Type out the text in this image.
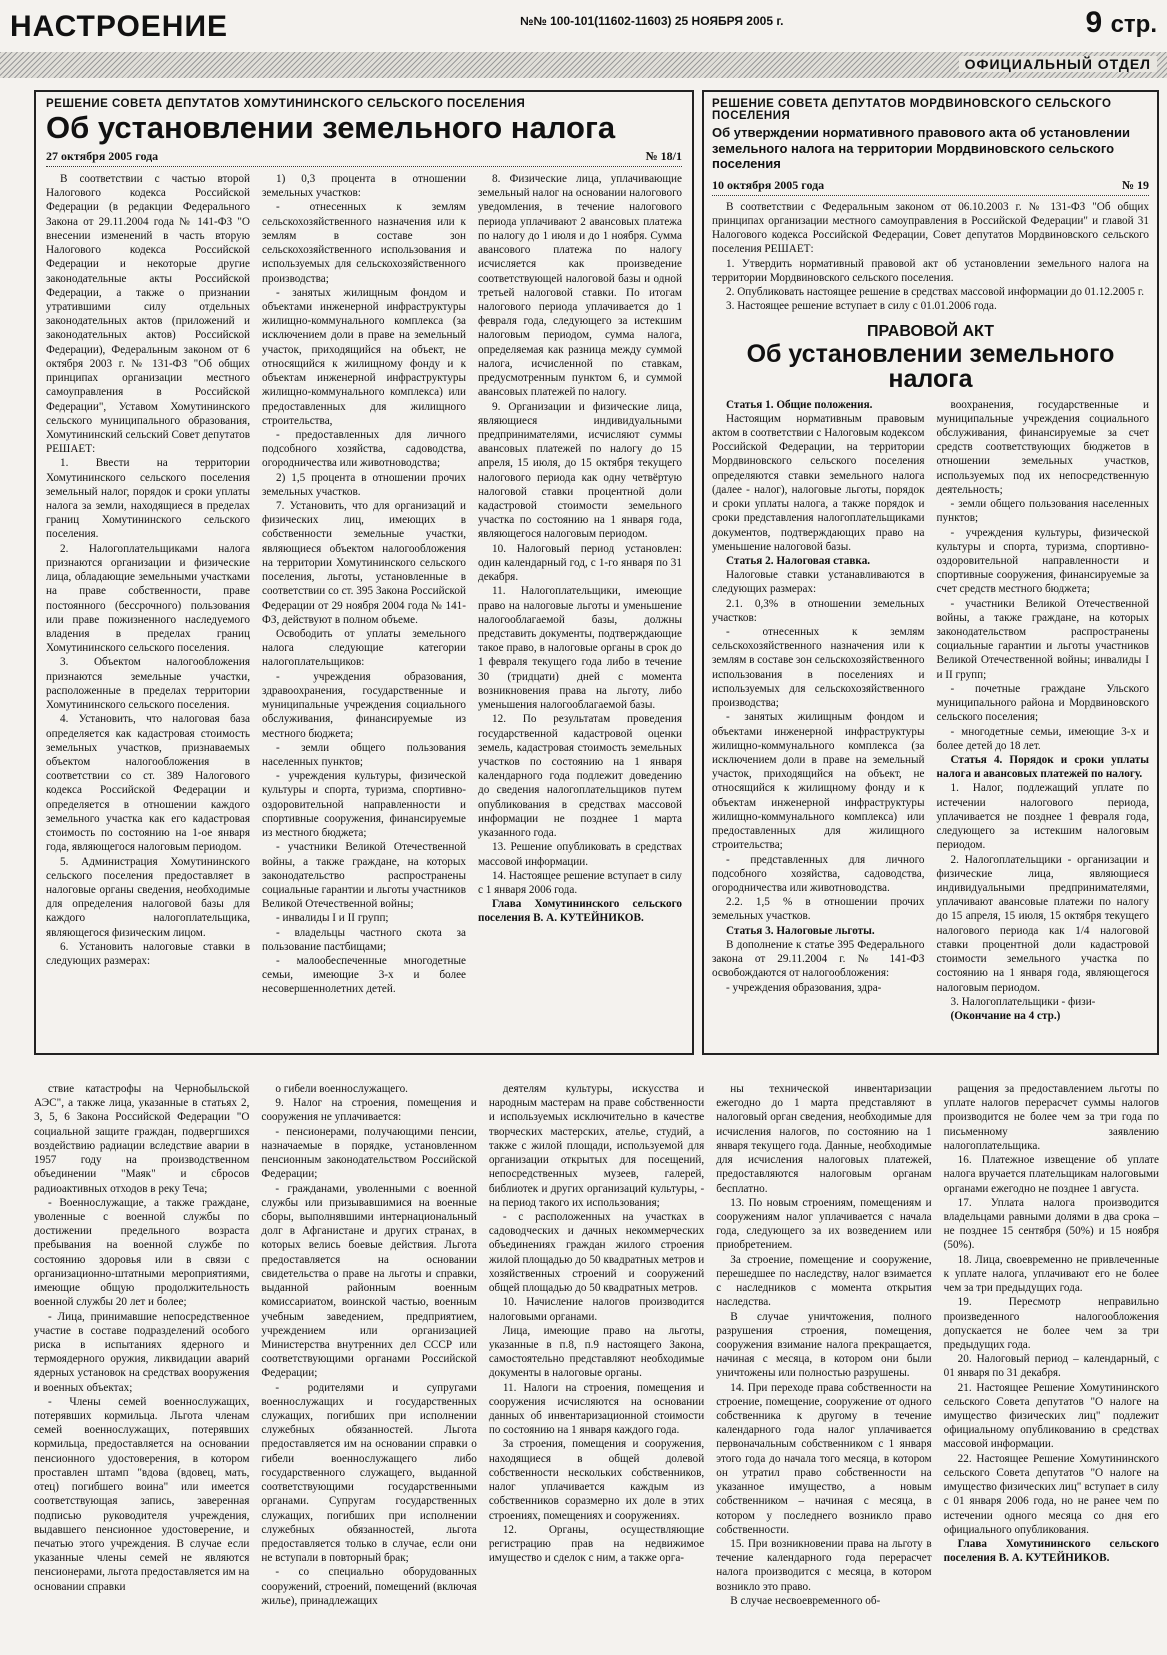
НАСТРОЕНИЕ	№№ 100-101(11602-11603) 25 НОЯБРЯ 2005 г.	9 стр.
ОФИЦИАЛЬНЫЙ ОТДЕЛ
РЕШЕНИЕ СОВЕТА ДЕПУТАТОВ ХОМУТИНИНСКОГО СЕЛЬСКОГО ПОСЕЛЕНИЯ
Об установлении земельного налога
27 октября 2005 года	№ 18/1

В соответствии с частью второй Налогового кодекса Российской Федерации (в редакции Федерального Закона от 29.11.2004 года № 141-ФЗ "О внесении изменений в часть вторую Налогового кодекса Российской Федерации и некоторые другие законодательные акты Российской Федерации, а также о признании утратившими силу отдельных законодательных актов (приложений и законодательных актов) Российской Федерации), Федеральным законом от 6 октября 2003 г. № 131-ФЗ "Об общих принципах организации местного самоуправления в Российской Федерации", Уставом Хомутининского сельского муниципального образования, Хомутининский сельский Совет депутатов РЕШАЕТ:

1. Ввести на территории Хомутининского сельского поселения земельный налог, порядок и сроки уплаты налога за земли, находящиеся в пределах границ Хомутининского сельского поселения.

2. Налогоплательщиками налога признаются организации и физические лица, обладающие земельными участками на праве собственности, праве постоянного (бессрочного) пользования или праве пожизненного наследуемого владения в пределах границ Хомутининского сельского поселения.

3. Объектом налогообложения признаются земельные участки, расположенные в пределах территории Хомутининского сельского поселения.

4. Установить, что налоговая база определяется как кадастровая стоимость земельных участков, признаваемых объектом налогообложения в соответствии со ст. 389 Налогового кодекса Российской Федерации и определяется в отношении каждого земельного участка как его кадастровая стоимость по состоянию на 1-ое января года, являющегося налоговым периодом.

5. Администрация Хомутининского сельского поселения предоставляет в налоговые органы сведения, необходимые для определения налоговой базы для каждого налогоплательщика, являющегося физическим лицом.

6. Установить налоговые ставки в следующих размерах:

1) 0,3 процента в отношении земельных участков:

- отнесенных к землям сельскохозяйственного назначения или к землям в составе зон сельскохозяйственного использования и используемых для сельскохозяйственного производства;

- занятых жилищным фондом и объектами инженерной инфраструктуры жилищно-коммунального комплекса (за исключением доли в праве на земельный участок, приходящийся на объект, не относящийся к жилищному фонду и к объектам инженерной инфраструктуры жилищно-коммунального комплекса) или предоставленных для жилищного строительства,

- предоставленных для личного подсобного хозяйства, садоводства, огородничества или животноводства;

2) 1,5 процента в отношении прочих земельных участков.

7. Установить, что для организаций и физических лиц, имеющих в собственности земельные участки, являющиеся объектом налогообложения на территории Хомутининского сельского поселения, льготы, установленные в соответствии со ст. 395 Закона Российской Федерации от 29 ноября 2004 года № 141-ФЗ, действуют в полном объеме.

Освободить от уплаты земельного налога следующие категории налогоплательщиков:

- учреждения образования, здравоохранения, государственные и муниципальные учреждения социального обслуживания, финансируемые из местного бюджета;

- земли общего пользования населенных пунктов;

- учреждения культуры, физической культуры и спорта, туризма, спортивно-оздоровительной направленности и спортивные сооружения, финансируемые из местного бюджета;

- участники Великой Отечественной войны, а также граждане, на которых законодательство распространены социальные гарантии и льготы участников Великой Отечественной войны;

- инвалиды I и II групп;

- владельцы частного скота за пользование пастбищами;

- малообеспеченные многодетные семьи, имеющие 3-х и более несовершеннолетних детей.

8. Физические лица, уплачивающие земельный налог на основании налогового уведомления, в течение налогового периода уплачивают 2 авансовых платежа по налогу до 1 июля и до 1 ноября. Сумма авансового платежа по налогу исчисляется как произведение соответствующей налоговой базы и одной третьей налоговой ставки. По итогам налогового периода уплачивается до 1 февраля года, следующего за истекшим налоговым периодом, сумма налога, определяемая как разница между суммой налога, исчисленной по ставкам, предусмотренным пунктом 6, и суммой авансовых платежей по налогу.

9. Организации и физические лица, являющиеся индивидуальными предпринимателями, исчисляют суммы авансовых платежей по налогу до 15 апреля, 15 июля, до 15 октября текущего налогового периода как одну четвёртую налоговой ставки процентной доли кадастровой стоимости земельного участка по состоянию на 1 января года, являющегося налоговым периодом.

10. Налоговый период установлен: один календарный год, с 1-го января по 31 декабря.

11. Налогоплательщики, имеющие право на налоговые льготы и уменьшение налогооблагаемой базы, должны представить документы, подтверждающие такое право, в налоговые органы в срок до 1 февраля текущего года либо в течение 30 (тридцати) дней с момента возникновения права на льготу, либо уменьшения налогооблагаемой базы.

12. По результатам проведения государственной кадастровой оценки земель, кадастровая стоимость земельных участков по состоянию на 1 января календарного года подлежит доведению до сведения налогоплательщиков путем опубликования в средствах массовой информации не позднее 1 марта указанного года.

13. Решение опубликовать в средствах массовой информации.

14. Настоящее решение вступает в силу с 1 января 2006 года.

Глава Хомутининского сельского поселения В. А. КУТЕЙНИКОВ.

РЕШЕНИЕ СОВЕТА ДЕПУТАТОВ МОРДВИНОВСКОГО СЕЛЬСКОГО ПОСЕЛЕНИЯ
Об утверждении нормативного правового акта об установлении земельного налога на территории Мордвиновского сельского поселения
10 октября 2005 года	№ 19

В соответствии с Федеральным законом от 06.10.2003 г. № 131-ФЗ "Об общих принципах организации местного самоуправления в Российской Федерации" и главой 31 Налогового кодекса Российской Федерации, Совет депутатов Мордвиновского сельского поселения РЕШАЕТ:

1. Утвердить нормативный правовой акт об установлении земельного налога на территории Мордвиновского сельского поселения.

2. Опубликовать настоящее решение в средствах массовой информации до 01.12.2005 г.

3. Настоящее решение вступает в силу с 01.01.2006 года.

ПРАВОВОЙ АКТ
Об установлении земельного налога

Статья 1. Общие положения.

Настоящим нормативным правовым актом в соответствии с Налоговым кодексом Российской Федерации, на территории Мордвиновского сельского поселения определяются ставки земельного налога (далее - налог), налоговые льготы, порядок и сроки уплаты налога, а также порядок и сроки представления налогоплательщиками документов, подтверждающих право на уменьшение налоговой базы.

Статья 2. Налоговая ставка.

Налоговые ставки устанавливаются в следующих размерах:

2.1. 0,3% в отношении земельных участков:

- отнесенных к землям сельскохозяйственного назначения или к землям в составе зон сельскохозяйственного использования в поселениях и используемых для сельскохозяйственного производства;

- занятых жилищным фондом и объектами инженерной инфраструктуры жилищно-коммунального комплекса (за исключением доли в праве на земельный участок, приходящийся на объект, не относящийся к жилищному фонду и к объектам инженерной инфраструктуры жилищно-коммунального комплекса) или предоставленных для жилищного строительства;

- представленных для личного подсобного хозяйства, садоводства, огородничества или животноводства.

2.2. 1,5 % в отношении прочих земельных участков.

Статья 3. Налоговые льготы.

В дополнение к статье 395 Федерального закона от 29.11.2004 г. № 141-ФЗ освобождаются от налогообложения:

- учреждения образования, здра-

воохранения, государственные и муниципальные учреждения социального обслуживания, финансируемые за счет средств соответствующих бюджетов в отношении земельных участков, используемых под их непосредственную деятельность;

- земли общего пользования населенных пунктов;

- учреждения культуры, физической культуры и спорта, туризма, спортивно-оздоровительной направленности и спортивные сооружения, финансируемые за счет средств местного бюджета;

- участники Великой Отечественной войны, а также граждане, на которых законодательством распространены социальные гарантии и льготы участников Великой Отечественной войны; инвалиды I и II групп;

- почетные граждане Ульского муниципального района и Мордвиновского сельского поселения;

- многодетные семьи, имеющие 3-х и более детей до 18 лет.

Статья 4. Порядок и сроки уплаты налога и авансовых платежей по налогу.

1. Налог, подлежащий уплате по истечении налогового периода, уплачивается не позднее 1 февраля года, следующего за истекшим налоговым периодом.

2. Налогоплательщики - организации и физические лица, являющиеся индивидуальными предпринимателями, уплачивают авансовые платежи по налогу до 15 апреля, 15 июля, 15 октября текущего налогового периода как 1/4 налоговой ставки процентной доли кадастровой стоимости земельного участка по состоянию на 1 января года, являющегося налоговым периодом.

3. Налогоплательщики - физи-

(Окончание на 4 стр.)

ствие катастрофы на Чернобыльской АЭС", а также лица, указанные в статьях 2, 3, 5, 6 Закона Российской Федерации "О социальной защите граждан, подвергшихся воздействию радиации вследствие аварии в 1957 году на производственном объединении "Маяк" и сбросов радиоактивных отходов в реку Теча;

- Военнослужащие, а также граждане, уволенные с военной службы по достижении предельного возраста пребывания на военной службе по состоянию здоровья или в связи с организационно-штатными мероприятиями, имеющие общую продолжительность военной службы 20 лет и более;

- Лица, принимавшие непосредственное участие в составе подразделений особого риска в испытаниях ядерного и термоядерного оружия, ликвидации аварий ядерных установок на средствах вооружения и военных объектах;

- Члены семей военнослужащих, потерявших кормильца. Льгота членам семей военнослужащих, потерявших кормильца, предоставляется на основании пенсионного удостоверения, в котором проставлен штамп "вдова (вдовец, мать, отец) погибшего воина" или имеется соответствующая запись, заверенная подписью руководителя учреждения, выдавшего пенсионное удостоверение, и печатью этого учреждения. В случае если указанные члены семей не являются пенсионерами, льгота предоставляется им на основании справки

о гибели военнослужащего.

9. Налог на строения, помещения и сооружения не уплачивается:

- пенсионерами, получающими пенсии, назначаемые в порядке, установленном пенсионным законодательством Российской Федерации;

- гражданами, уволенными с военной службы или призывавшимися на военные сборы, выполнявшими интернациональный долг в Афганистане и других странах, в которых велись боевые действия. Льгота предоставляется на основании свидетельства о праве на льготы и справки, выданной районным военным комиссариатом, воинской частью, военным учебным заведением, предприятием, учреждением или организацией Министерства внутренних дел СССР или соответствующими органами Российской Федерации;

- родителями и супругами военнослужащих и государственных служащих, погибших при исполнении служебных обязанностей. Льгота предоставляется им на основании справки о гибели военнослужащего либо государственного служащего, выданной соответствующими государственными органами. Супругам государственных служащих, погибших при исполнении служебных обязанностей, льгота предоставляется только в случае, если они не вступали в повторный брак;

- со специально оборудованных сооружений, строений, помещений (включая жилье), принадлежащих

деятелям культуры, искусства и народным мастерам на праве собственности и используемых исключительно в качестве творческих мастерских, ателье, студий, а также с жилой площади, используемой для организации открытых для посещений, непосредственных музеев, галерей, библиотек и других организаций культуры, - на период такого их использования;

- с расположенных на участках в садоводческих и дачных некоммерческих объединениях граждан жилого строения жилой площадью до 50 квадратных метров и хозяйственных строений и сооружений общей площадью до 50 квадратных метров.

10. Начисление налогов производится налоговыми органами.

Лица, имеющие право на льготы, указанные в п.8, п.9 настоящего Закона, самостоятельно представляют необходимые документы в налоговые органы.

11. Налоги на строения, помещения и сооружения исчисляются на основании данных об инвентаризационной стоимости по состоянию на 1 января каждого года.

За строения, помещения и сооружения, находящиеся в общей долевой собственности нескольких собственников, налог уплачивается каждым из собственников соразмерно их доле в этих строениях, помещениях и сооружениях.

12. Органы, осуществляющие регистрацию прав на недвижимое имущество и сделок с ним, а также орга-

ны технической инвентаризации ежегодно до 1 марта представляют в налоговый орган сведения, необходимые для исчисления налогов, по состоянию на 1 января текущего года. Данные, необходимые для исчисления налоговых платежей, предоставляются налоговым органам бесплатно.

13. По новым строениям, помещениям и сооружениям налог уплачивается с начала года, следующего за их возведением или приобретением.

За строение, помещение и сооружение, перешедшее по наследству, налог взимается с наследников с момента открытия наследства.

В случае уничтожения, полного разрушения строения, помещения, сооружения взимание налога прекращается, начиная с месяца, в котором они были уничтожены или полностью разрушены.

14. При переходе права собственности на строение, помещение, сооружение от одного собственника к другому в течение календарного года налог уплачивается первоначальным собственником с 1 января этого года до начала того месяца, в котором он утратил право собственности на указанное имущество, а новым собственником – начиная с месяца, в котором у последнего возникло право собственности.

15. При возникновении права на льготу в течение календарного года перерасчет налога производится с месяца, в котором возникло это право.

В случае несвоевременного об-

ращения за предоставлением льготы по уплате налогов перерасчет суммы налогов производится не более чем за три года по письменному заявлению налогоплательщика.

16. Платежное извещение об уплате налога вручается плательщикам налоговыми органами ежегодно не позднее 1 августа.

17. Уплата налога производится владельцами равными долями в два срока – не позднее 15 сентября (50%) и 15 ноября (50%).

18. Лица, своевременно не привлеченные к уплате налога, уплачивают его не более чем за три предыдущих года.

19. Пересмотр неправильно произведенного налогообложения допускается не более чем за три предыдущих года.

20. Налоговый период – календарный, с 01 января по 31 декабря.

21. Настоящее Решение Хомутининского сельского Совета депутатов "О налоге на имущество физических лиц" подлежит официальному опубликованию в средствах массовой информации.

22. Настоящее Решение Хомутининского сельского Совета депутатов "О налоге на имущество физических лиц" вступает в силу с 01 января 2006 года, но не ранее чем по истечении одного месяца со дня его официального опубликования.

Глава Хомутининского сельского поселения В. А. КУТЕЙНИКОВ.
